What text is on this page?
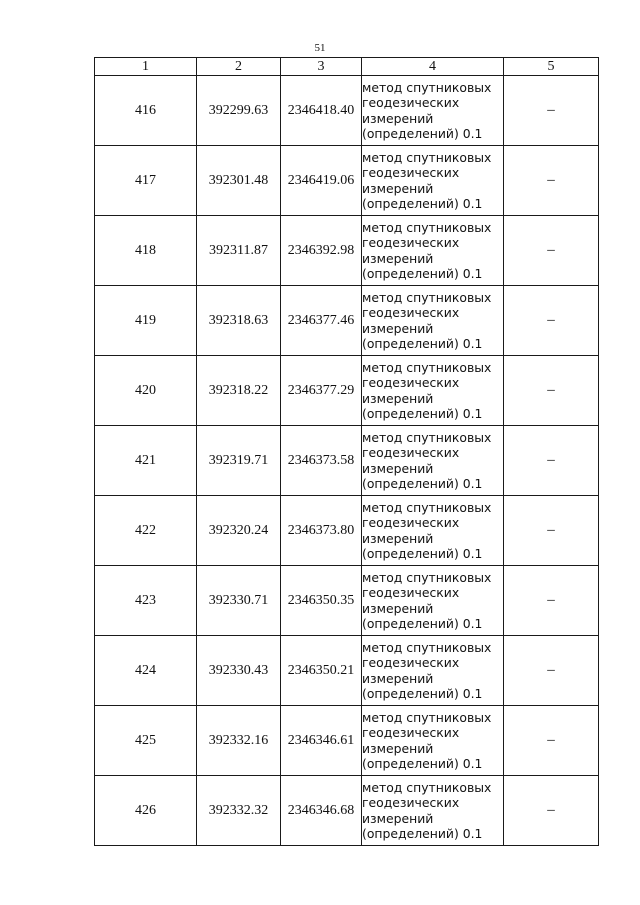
51
1	2	3	4	5
416	392299.63	2346418.40	метод спутниковых
геодезических
измерений
(определений) 0.1	–
417	392301.48	2346419.06	метод спутниковых
геодезических
измерений
(определений) 0.1	–
418	392311.87	2346392.98	метод спутниковых
геодезических
измерений
(определений) 0.1	–
419	392318.63	2346377.46	метод спутниковых
геодезических
измерений
(определений) 0.1	–
420	392318.22	2346377.29	метод спутниковых
геодезических
измерений
(определений) 0.1	–
421	392319.71	2346373.58	метод спутниковых
геодезических
измерений
(определений) 0.1	–
422	392320.24	2346373.80	метод спутниковых
геодезических
измерений
(определений) 0.1	–
423	392330.71	2346350.35	метод спутниковых
геодезических
измерений
(определений) 0.1	–
424	392330.43	2346350.21	метод спутниковых
геодезических
измерений
(определений) 0.1	–
425	392332.16	2346346.61	метод спутниковых
геодезических
измерений
(определений) 0.1	–
426	392332.32	2346346.68	метод спутниковых
геодезических
измерений
(определений) 0.1	–
